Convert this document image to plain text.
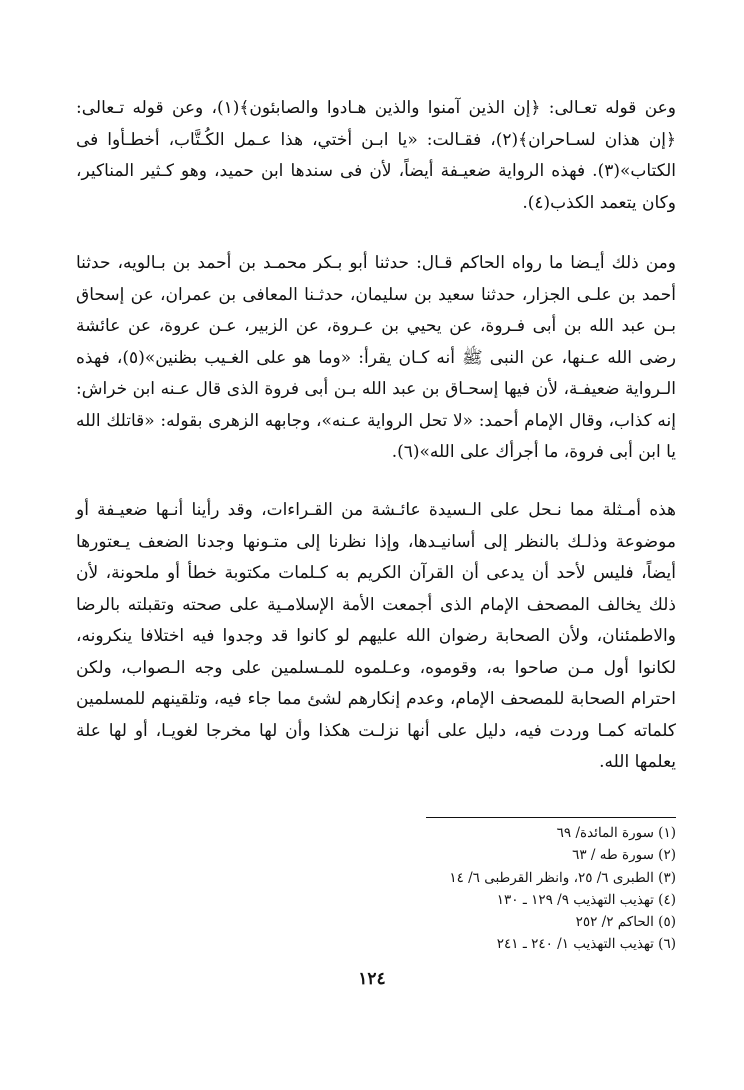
وعن قوله تعـالى: ﴿إن الذين آمنوا والذين هـادوا والصابئون﴾(١)، وعن قوله تـعالى: ﴿إن هذان لسـاحران﴾(٢)، فقـالت: «يا ابـن أختي، هذا عـمل الكُـتَّاب، أخطـأوا فى الكتاب»(٣). فهذه الرواية ضعيـفة أيضاً، لأن فى سندها ابن حميد، وهو كـثير المناكير، وكان يتعمد الكذب(٤).

ومن ذلك أيـضا ما رواه الحاكم قـال: حدثنا أبو بـكر محمـد بن أحمد بن بـالويه، حدثنا أحمد بن علـى الجزار، حدثنا سعيد بن سليمان، حدثـنا المعافى بن عمران، عن إسحاق بـن عبد الله بن أبى فـروة، عن يحيي بن عـروة، عن الزبير، عـن عروة، عن عائشة رضى الله عـنها، عن النبى ﷺ أنه كـان يقرأ: «وما هو على الغـيب بظنين»(٥)، فهذه الـرواية ضعيفـة، لأن فيها إسحـاق بن عبد الله بـن أبى فروة الذى قال عـنه ابن خراش: إنه كذاب، وقال الإمام أحمد: «لا تحل الرواية عـنه»، وجابهه الزهرى بقوله: «قاتلك الله يا ابن أبى فروة، ما أجرأك على الله»(٦).

هذه أمـثلة مما نـحل على الـسيدة عائـشة من القـراءات، وقد رأينا أنـها ضعيـفة أو موضوعة وذلـك بالنظر إلى أسانيـدها، وإذا نظرنا إلى متـونها وجدنا الضعف يـعتورها أيضاً، فليس لأحد أن يدعى أن القرآن الكريم به كـلمات مكتوبة خطأ أو ملحونة، لأن ذلك يخالف المصحف الإمام الذى أجمعت الأمة الإسلامـية على صحته وتقبلته بالرضا والاطمئنان، ولأن الصحابة رضوان الله عليهم لو كانوا قد وجدوا فيه اختلافا ينكرونه، لكانوا أول مـن صاحوا به، وقوموه، وعـلموه للمـسلمين على وجه الـصواب، ولكن احترام الصحابة للمصحف الإمام، وعدم إنكارهم لشئ مما جاء فيه، وتلقينهم للمسلمين كلماته كمـا وردت فيه، دليل على أنها نزلـت هكذا وأن لها مخرجا لغويـا، أو لها علة يعلمها الله.

(١) سورة المائدة/ ٦٩
(٢) سورة طه / ٦٣
(٣) الطبرى ٦/ ٢٥، وانظر القرطبى ٦/ ١٤
(٤) تهذيب التهذيب ٩/ ١٢٩ ـ ١٣٠
(٥) الحاكم ٢/ ٢٥٢
(٦) تهذيب التهذيب ١/ ٢٤٠ ـ ٢٤١
١٢٤
